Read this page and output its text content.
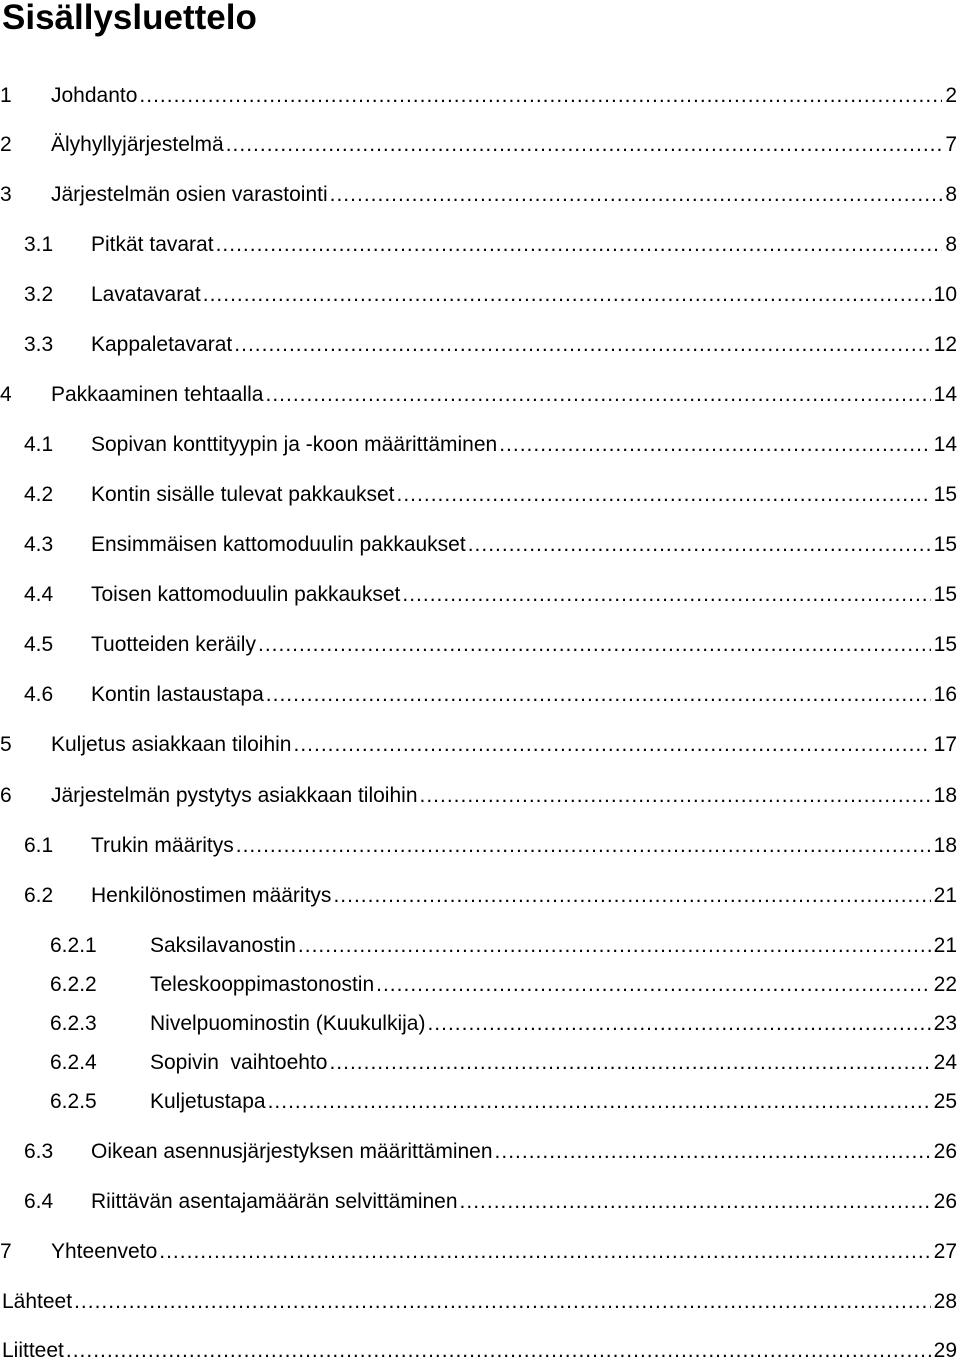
Sisällysluettelo
1 Johdanto .....	2
2 Älyhyllyjärjestelmä .....	7
3 Järjestelmän osien varastointi .....	8
3.1 Pitkät tavarat .....	8
3.2 Lavatavarat .....	10
3.3 Kappaletavarat .....	12
4 Pakkaaminen tehtaalla .....	14
4.1 Sopivan konttityypin ja -koon määrittäminen .....	14
4.2 Kontin sisälle tulevat pakkaukset .....	15
4.3 Ensimmäisen kattomoduulin pakkaukset .....	15
4.4 Toisen kattomoduulin pakkaukset .....	15
4.5 Tuotteiden keräily .....	15
4.6 Kontin lastaustapa .....	16
5 Kuljetus asiakkaan tiloihin .....	17
6 Järjestelmän pystytys asiakkaan tiloihin .....	18
6.1 Trukin määritys .....	18
6.2 Henkilönostimen määritys .....	21
6.2.1	Saksilavanostin .....	21
6.2.2	Teleskooppimastonostin .....	22
6.2.3	Nivelpuominostin (Kuukulkija) .....	23
6.2.4	Sopivin  vaihtoehto .....	24
6.2.5	Kuljetustapa .....	25
6.3 Oikean asennusjärjestyksen määrittäminen .....	26
6.4 Riittävän asentajamäärän selvittäminen .....	26
7 Yhteenveto .....	27
Lähteet .....	28
Liitteet .....	29
